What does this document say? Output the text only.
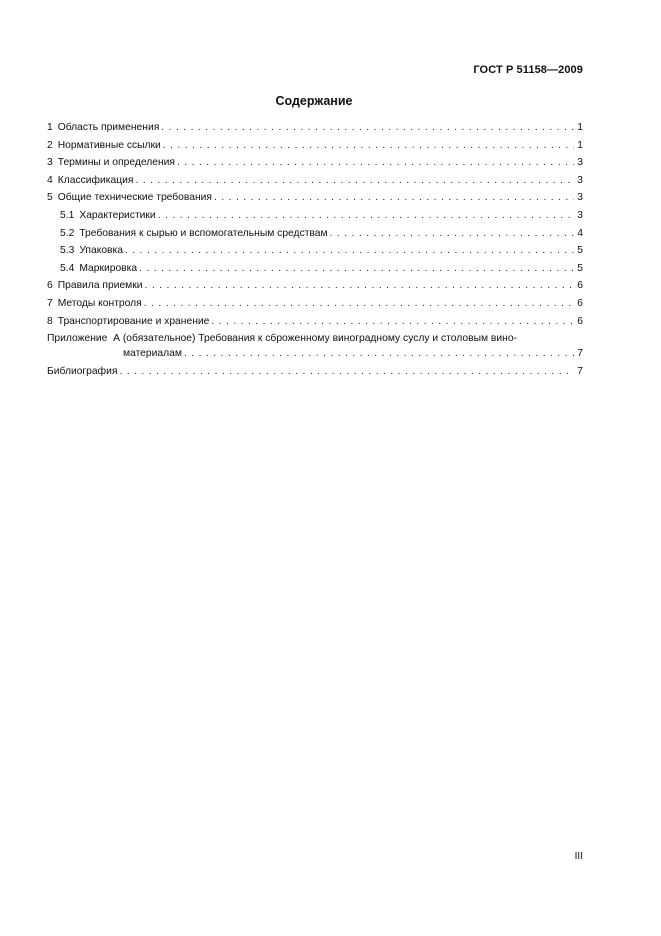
ГОСТ Р 51158—2009
Содержание
1 Область применения . . .	1
2 Нормативные ссылки . . .	1
3 Термины и определения . . .	3
4 Классификация . . .	3
5 Общие технические требования . . .	3
5.1 Характеристики . . .	3
5.2 Требования к сырью и вспомогательным средствам . . .	4
5.3 Упаковка . . .	5
5.4 Маркировка . . .	5
6 Правила приемки . . .	6
7 Методы контроля . . .	6
8 Транспортирование и хранение . . .	6
Приложение А (обязательное) Требования к сброженному виноградному суслу и столовым вино-
материалам . . .	7
Библиография . . .	7
III
